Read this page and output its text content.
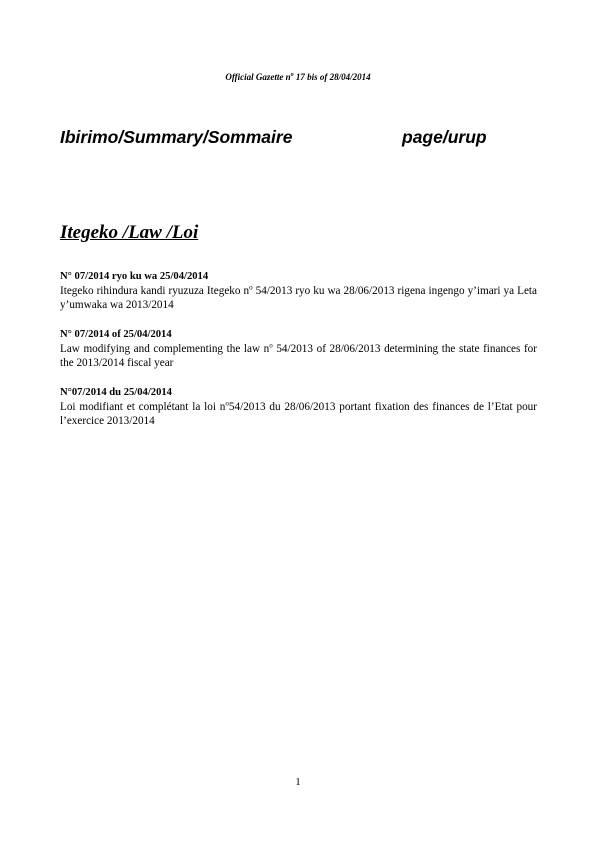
Official Gazette $n^o$ 17 bis of 28/04/2014
Ibirimo/Summary/Sommaire	page/urup
Itegeko /Law /Loi
N° 07/2014 ryo ku wa 25/04/2014
Itegeko rihindura kandi ryuzuza Itegeko $n^o$ 54/2013 ryo ku wa 28/06/2013 rigena ingengo y’imari ya Leta y’umwaka wa 2013/2014
N° 07/2014 of 25/04/2014
Law modifying and complementing the law $n^o$ 54/2013 of 28/06/2013 determining the state finances for the 2013/2014 fiscal year
N°07/2014 du 25/04/2014
Loi modifiant et complétant la loi $n^o54/2013$ du 28/06/2013 portant fixation des finances de l’Etat pour l’exercice 2013/2014
1
